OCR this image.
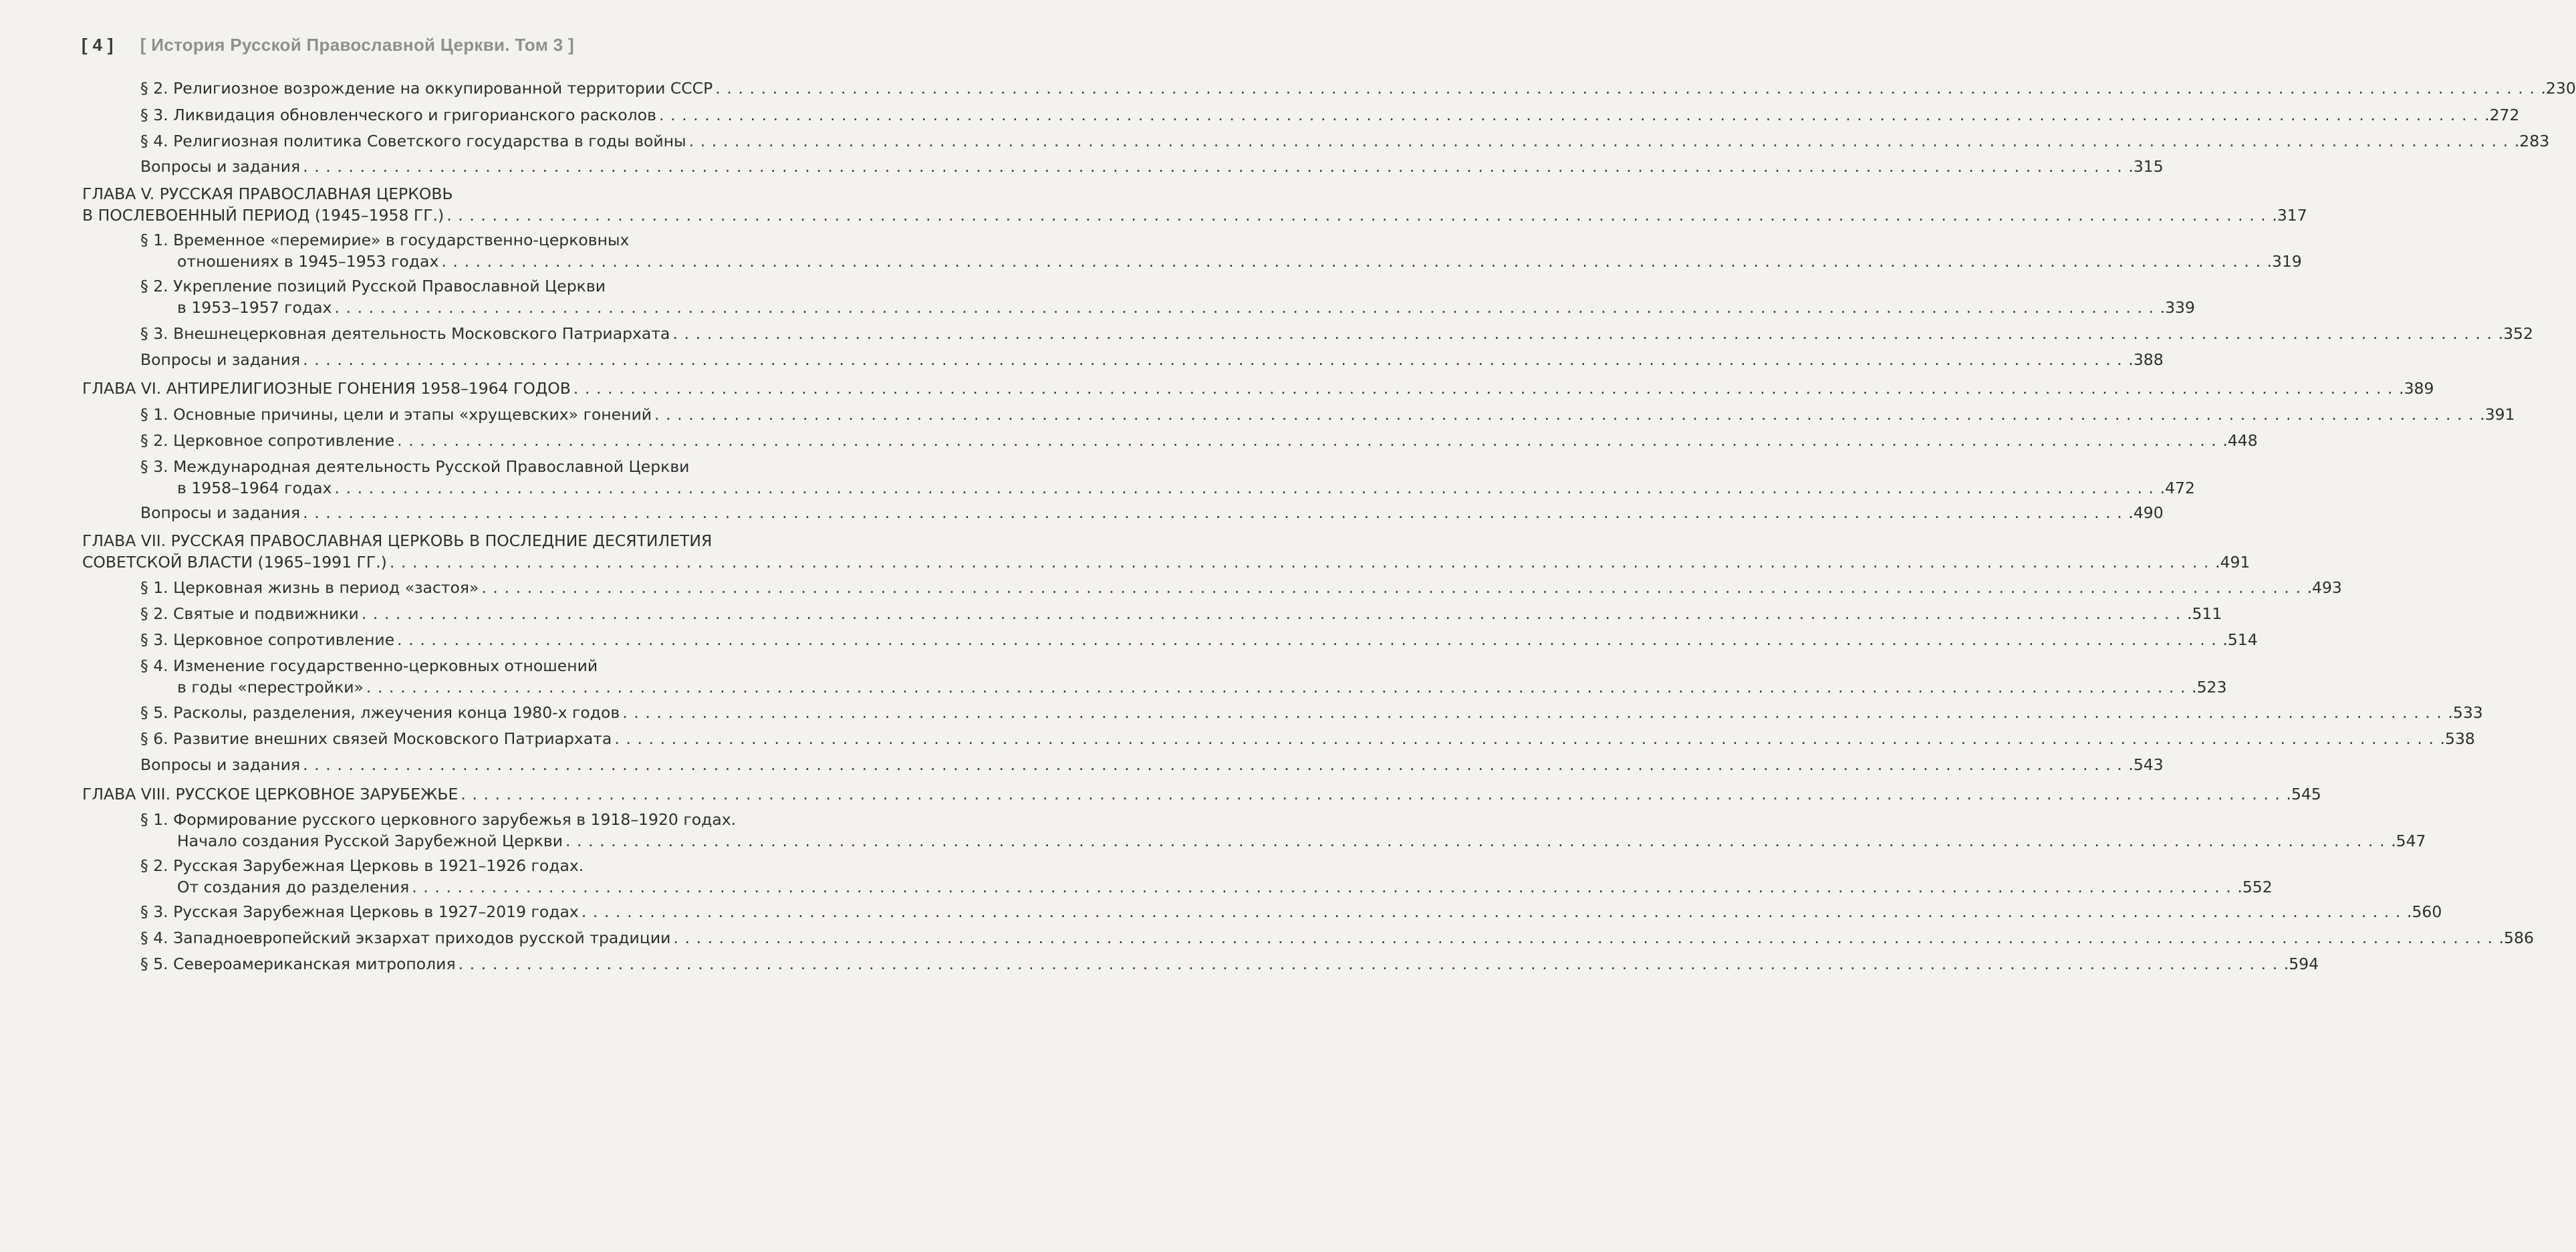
[ 4 ] [ История Русской Православной Церкви. Том 3 ]
§ 2. Религиозное возрождение на оккупированной территории СССР ................................................................................................................................................................ .230
§ 3. Ликвидация обновленческого и григорианского расколов ................................................................................................................................................................ .272
§ 4. Религиозная политика Советского государства в годы войны ................................................................................................................................................................ .283
Вопросы и задания ................................................................................................................................................................ .315
ГЛАВА V. РУССКАЯ ПРАВОСЛАВНАЯ ЦЕРКОВЬ
В ПОСЛЕВОЕННЫЙ ПЕРИОД (1945–1958 ГГ.) ................................................................................................................................................................ .317
§ 1. Временное «перемирие» в государственно-церковных
отношениях в 1945–1953 годах ................................................................................................................................................................ .319
§ 2. Укрепление позиций Русской Православной Церкви
в 1953–1957 годах ................................................................................................................................................................ .339
§ 3. Внешнецерковная деятельность Московского Патриархата ................................................................................................................................................................ .352
Вопросы и задания ................................................................................................................................................................ .388
ГЛАВА VI. АНТИРЕЛИГИОЗНЫЕ ГОНЕНИЯ 1958–1964 ГОДОВ ................................................................................................................................................................ .389
§ 1. Основные причины, цели и этапы «хрущевских» гонений ................................................................................................................................................................ .391
§ 2. Церковное сопротивление ................................................................................................................................................................ .448
§ 3. Международная деятельность Русской Православной Церкви
в 1958–1964 годах ................................................................................................................................................................ .472
Вопросы и задания ................................................................................................................................................................ .490
ГЛАВА VII. РУССКАЯ ПРАВОСЛАВНАЯ ЦЕРКОВЬ В ПОСЛЕДНИЕ ДЕСЯТИЛЕТИЯ
СОВЕТСКОЙ ВЛАСТИ (1965–1991 ГГ.) ................................................................................................................................................................ .491
§ 1. Церковная жизнь в период «застоя» ................................................................................................................................................................ .493
§ 2. Святые и подвижники ................................................................................................................................................................ .511
§ 3. Церковное сопротивление ................................................................................................................................................................ .514
§ 4. Изменение государственно-церковных отношений
в годы «перестройки» ................................................................................................................................................................ .523
§ 5. Расколы, разделения, лжеучения конца 1980-х годов ................................................................................................................................................................ .533
§ 6. Развитие внешних связей Московского Патриархата ................................................................................................................................................................ .538
Вопросы и задания ................................................................................................................................................................ .543
ГЛАВА VIII. РУССКОЕ ЦЕРКОВНОЕ ЗАРУБЕЖЬЕ ................................................................................................................................................................ .545
§ 1. Формирование русского церковного зарубежья в 1918–1920 годах.
Начало создания Русской Зарубежной Церкви ................................................................................................................................................................ .547
§ 2. Русская Зарубежная Церковь в 1921–1926 годах.
От создания до разделения ................................................................................................................................................................ .552
§ 3. Русская Зарубежная Церковь в 1927–2019 годах ................................................................................................................................................................ .560
§ 4. Западноевропейский экзархат приходов русской традиции ................................................................................................................................................................ .586
§ 5. Североамериканская митрополия ................................................................................................................................................................ .594
